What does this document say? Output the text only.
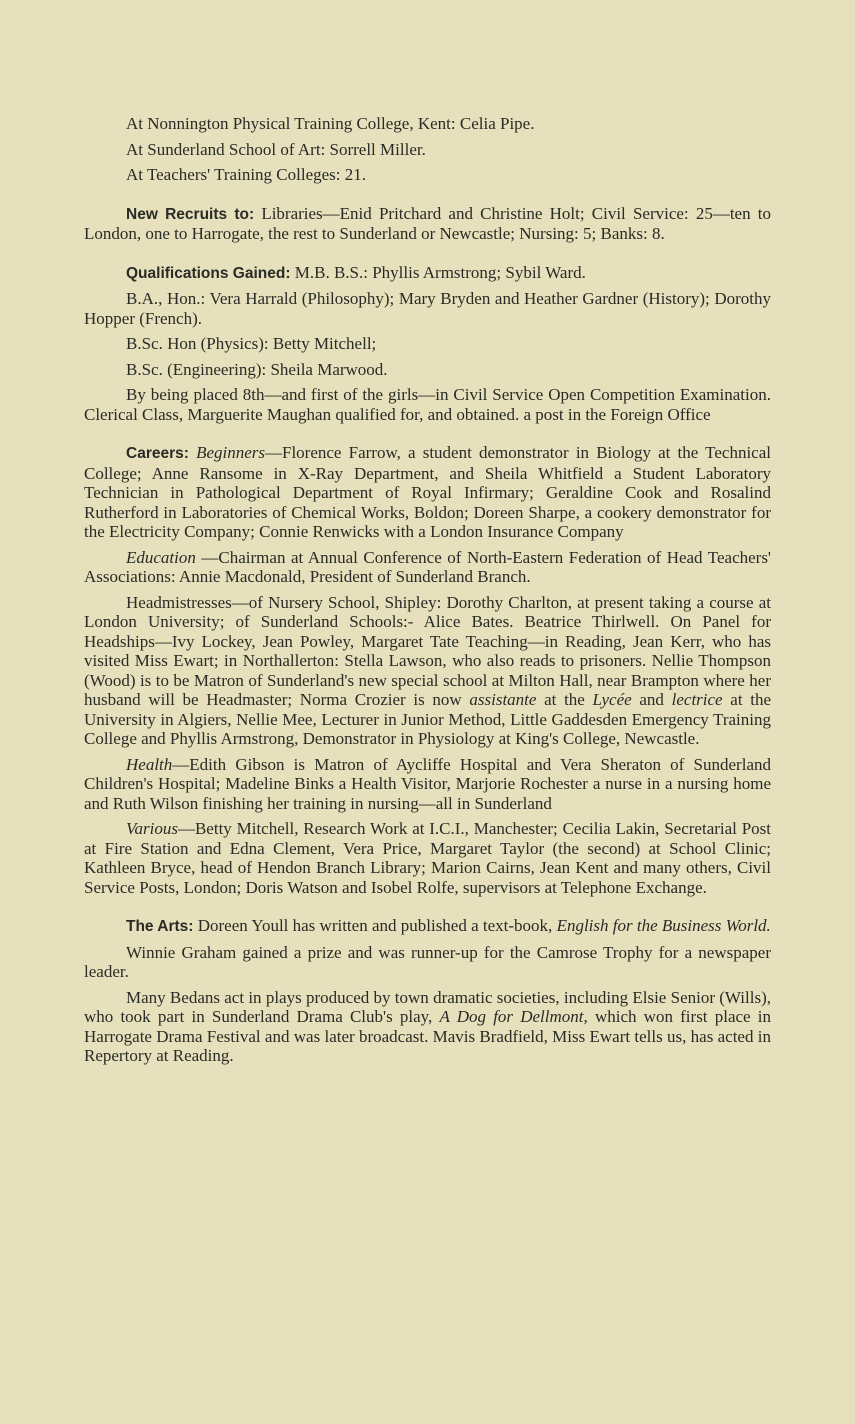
At Nonnington Physical Training College, Kent: Celia Pipe.

At Sunderland School of Art: Sorrell Miller.

At Teachers' Training Colleges: 21.

New Recruits to: Libraries—Enid Pritchard and Christine Holt; Civil Service: 25—ten to London, one to Harrogate, the rest to Sunderland or Newcastle; Nursing: 5; Banks: 8.

Qualifications Gained: M.B. B.S.: Phyllis Armstrong; Sybil Ward.

B.A., Hon.: Vera Harrald (Philosophy); Mary Bryden and Heather Gardner (History); Dorothy Hopper (French).

B.Sc. Hon (Physics): Betty Mitchell;

B.Sc. (Engineering): Sheila Marwood.

By being placed 8th—and first of the girls—in Civil Service Open Competition Examination. Clerical Class, Marguerite Maughan qualified for, and obtained. a post in the Foreign Office

Careers: Beginners—Florence Farrow, a student demonstrator in Biology at the Technical College; Anne Ransome in X-Ray Department, and Sheila Whitfield a Student Laboratory Technician in Pathological Department of Royal Infirmary; Geraldine Cook and Rosalind Rutherford in Laboratories of Chemical Works, Boldon; Doreen Sharpe, a cookery demonstrator for the Electricity Company; Connie Renwicks with a London Insurance Company

Education —Chairman at Annual Conference of North-Eastern Federation of Head Teachers' Associations: Annie Macdonald, President of Sunderland Branch.

Headmistresses—of Nursery School, Shipley: Dorothy Charlton, at present taking a course at London University; of Sunderland Schools:- Alice Bates. Beatrice Thirlwell. On Panel for Headships—Ivy Lockey, Jean Powley, Margaret Tate Teaching—in Reading, Jean Kerr, who has visited Miss Ewart; in Northallerton: Stella Lawson, who also reads to prisoners. Nellie Thompson (Wood) is to be Matron of Sunderland's new special school at Milton Hall, near Brampton where her husband will be Headmaster; Norma Crozier is now assistante at the Lycée and lectrice at the University in Algiers, Nellie Mee, Lecturer in Junior Method, Little Gaddesden Emergency Training College and Phyllis Armstrong, Demonstrator in Physiology at King's College, Newcastle.

Health—Edith Gibson is Matron of Aycliffe Hospital and Vera Sheraton of Sunderland Children's Hospital; Madeline Binks a Health Visitor, Marjorie Rochester a nurse in a nursing home and Ruth Wilson finishing her training in nursing—all in Sunderland

Various—Betty Mitchell, Research Work at I.C.I., Manchester; Cecilia Lakin, Secretarial Post at Fire Station and Edna Clement, Vera Price, Margaret Taylor (the second) at School Clinic; Kathleen Bryce, head of Hendon Branch Library; Marion Cairns, Jean Kent and many others, Civil Service Posts, London; Doris Watson and Isobel Rolfe, supervisors at Telephone Exchange.

The Arts: Doreen Youll has written and published a text-book, English for the Business World.

Winnie Graham gained a prize and was runner-up for the Camrose Trophy for a newspaper leader.

Many Bedans act in plays produced by town dramatic societies, including Elsie Senior (Wills), who took part in Sunderland Drama Club's play, A Dog for Dellmont, which won first place in Harrogate Drama Festival and was later broadcast. Mavis Bradfield, Miss Ewart tells us, has acted in Repertory at Reading.
